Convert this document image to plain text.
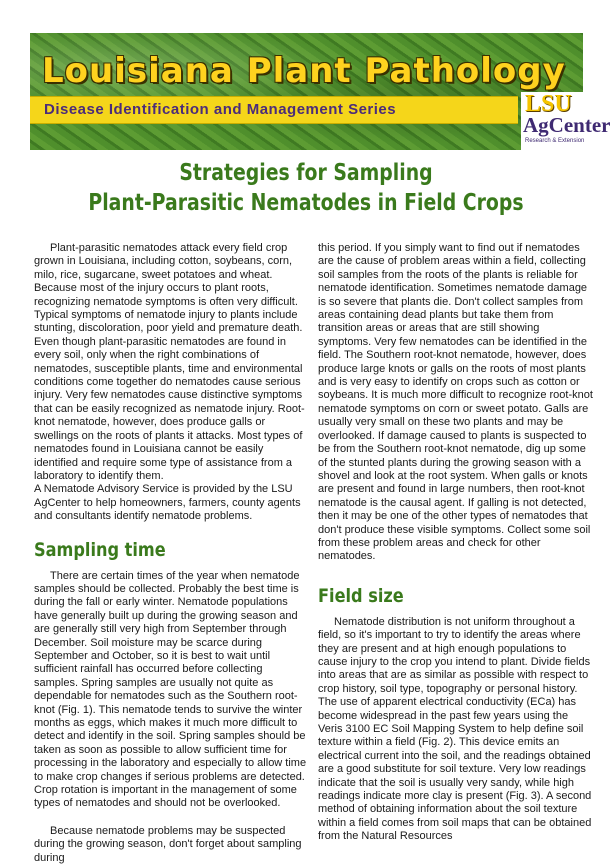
Louisiana Plant Pathology
Disease Identification and Management Series	LSU
AgCenter
Research & Extension
Strategies for Sampling
Plant-Parasitic Nematodes in Field Crops

Plant-parasitic nematodes attack every field crop grown in Louisiana, including cotton, soybeans, corn, milo, rice, sugarcane, sweet potatoes and wheat. Because most of the injury occurs to plant roots, recognizing nematode symptoms is often very difficult. Typical symptoms of nematode injury to plants include stunting, discoloration, poor yield and premature death. Even though plant-parasitic nematodes are found in every soil, only when the right combinations of nematodes, susceptible plants, time and environmental conditions come together do nematodes cause serious injury. Very few nematodes cause distinctive symptoms that can be easily recognized as nematode injury. Root-knot nematode, however, does produce galls or swellings on the roots of plants it attacks. Most types of nematodes found in Louisiana cannot be easily identified and require some type of assistance from a laboratory to identify them.

A Nematode Advisory Service is provided by the LSU AgCenter to help homeowners, farmers, county agents and consultants identify nematode problems.

Sampling time

There are certain times of the year when nematode samples should be collected. Probably the best time is during the fall or early winter. Nematode populations have generally built up during the growing season and are generally still very high from September through December. Soil moisture may be scarce during September and October, so it is best to wait until sufficient rainfall has occurred before collecting samples. Spring samples are usually not quite as dependable for nematodes such as the Southern root-knot (Fig. 1). This nematode tends to survive the winter months as eggs, which makes it much more difficult to detect and identify in the soil. Spring samples should be taken as soon as possible to allow sufficient time for processing in the laboratory and especially to allow time to make crop changes if serious problems are detected. Crop rotation is important in the management of some types of nematodes and should not be overlooked.

Because nematode problems may be suspected during the growing season, don't forget about sampling during

this period. If you simply want to find out if nematodes are the cause of problem areas within a field, collecting soil samples from the roots of the plants is reliable for nematode identification. Sometimes nematode damage is so severe that plants die. Don't collect samples from areas containing dead plants but take them from transition areas or areas that are still showing symptoms. Very few nematodes can be identified in the field. The Southern root-knot nematode, however, does produce large knots or galls on the roots of most plants and is very easy to identify on crops such as cotton or soybeans. It is much more difficult to recognize root-knot nematode symptoms on corn or sweet potato. Galls are usually very small on these two plants and may be overlooked. If damage caused to plants is suspected to be from the Southern root-knot nematode, dig up some of the stunted plants during the growing season with a shovel and look at the root system. When galls or knots are present and found in large numbers, then root-knot nematode is the causal agent. If galling is not detected, then it may be one of the other types of nematodes that don't produce these visible symptoms. Collect some soil from these problem areas and check for other nematodes.

Field size

Nematode distribution is not uniform throughout a field, so it's important to try to identify the areas where they are present and at high enough populations to cause injury to the crop you intend to plant. Divide fields into areas that are as similar as possible with respect to crop history, soil type, topography or personal history. The use of apparent electrical conductivity (ECa) has become widespread in the past few years using the Veris 3100 EC Soil Mapping System to help define soil texture within a field (Fig. 2). This device emits an electrical current into the soil, and the readings obtained are a good substitute for soil texture. Very low readings indicate that the soil is usually very sandy, while high readings indicate more clay is present (Fig. 3). A second method of obtaining information about the soil texture within a field comes from soil maps that can be obtained from the Natural Resources
